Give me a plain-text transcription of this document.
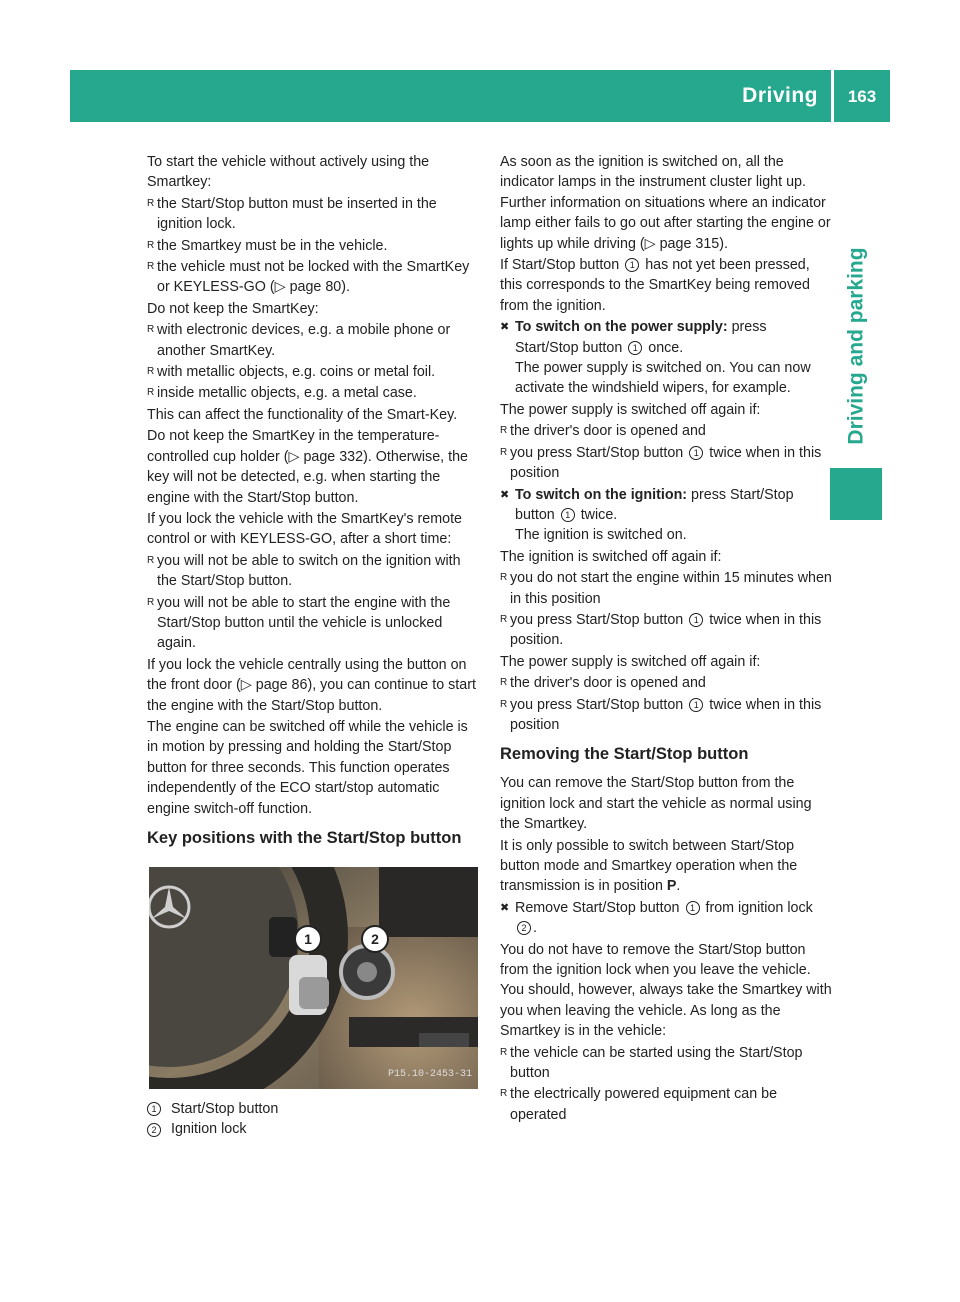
Driving	163
Driving and parking

To start the vehicle without actively using the Smartkey:

R the Start/Stop button must be inserted in the ignition lock.
R the Smartkey must be in the vehicle.
R the vehicle must not be locked with the SmartKey or KEYLESS-GO (▷ page 80).

Do not keep the SmartKey:

R with electronic devices, e.g. a mobile phone or another SmartKey.
R with metallic objects, e.g. coins or metal foil.
R inside metallic objects, e.g. a metal case.

This can affect the functionality of the Smart-Key.

Do not keep the SmartKey in the temperature-controlled cup holder (▷ page 332). Otherwise, the key will not be detected, e.g. when starting the engine with the Start/Stop button.

If you lock the vehicle with the SmartKey's remote control or with KEYLESS-GO, after a short time:

R you will not be able to switch on the ignition with the Start/Stop button.
R you will not be able to start the engine with the Start/Stop button until the vehicle is unlocked again.

If you lock the vehicle centrally using the button on the front door (▷ page 86), you can continue to start the engine with the Start/Stop button.

The engine can be switched off while the vehicle is in motion by pressing and holding the Start/Stop button for three seconds. This function operates independently of the ECO start/stop automatic engine switch-off function.

Key positions with the Start/Stop button
1	2
P15.10-2453-31
1	Start/Stop button
2	Ignition lock

As soon as the ignition is switched on, all the indicator lamps in the instrument cluster light up. Further information on situations where an indicator lamp either fails to go out after starting the engine or lights up while driving (▷ page 315).

If Start/Stop button 1 has not yet been pressed, this corresponds to the SmartKey being removed from the ignition.

✖ To switch on the power supply: press Start/Stop button 1 once.
The power supply is switched on. You can now activate the windshield wipers, for example.

The power supply is switched off again if:

R the driver's door is opened and
R you press Start/Stop button 1 twice when in this position
✖ To switch on the ignition: press Start/Stop button 1 twice.
The ignition is switched on.

The ignition is switched off again if:

R you do not start the engine within 15 minutes when in this position
R you press Start/Stop button 1 twice when in this position.

The power supply is switched off again if:

R the driver's door is opened and
R you press Start/Stop button 1 twice when in this position
Removing the Start/Stop button

You can remove the Start/Stop button from the ignition lock and start the vehicle as normal using the Smartkey.

It is only possible to switch between Start/Stop button mode and Smartkey operation when the transmission is in position P.

✖ Remove Start/Stop button 1 from ignition lock 2 .

You do not have to remove the Start/Stop button from the ignition lock when you leave the vehicle. You should, however, always take the Smartkey with you when leaving the vehicle. As long as the Smartkey is in the vehicle:

R the vehicle can be started using the Start/Stop button
R the electrically powered equipment can be operated
